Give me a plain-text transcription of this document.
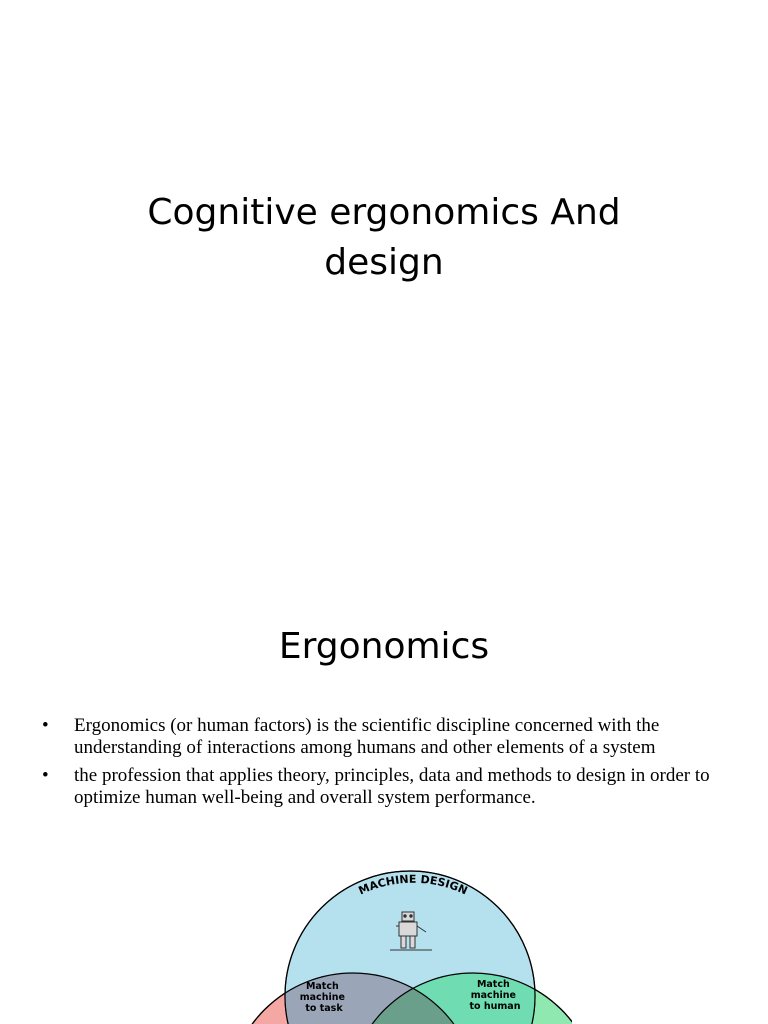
Cognitive ergonomics And
design
Ergonomics
• Ergonomics (or human factors) is the scientific discipline concerned with the understanding of interactions among humans and other elements of a system
• the profession that applies theory, principles, data and methods to design in order to optimize human well-being and overall system performance.
MACHINE DESIGN
Match machine to task
Match machine to human
